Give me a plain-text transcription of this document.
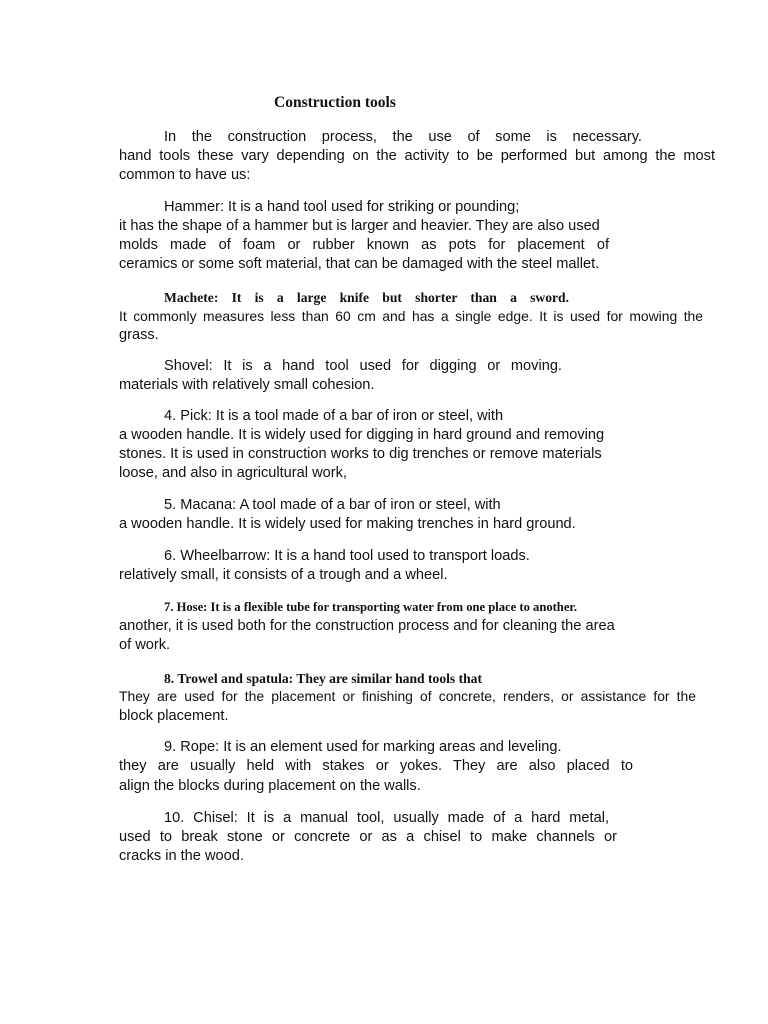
Construction tools
In the construction process, the use of some is necessary.
hand tools these vary depending on the activity to be performed but among the most
common to have us:
Hammer: It is a hand tool used for striking or pounding;
it has the shape of a hammer but is larger and heavier. They are also used
molds made of foam or rubber known as pots for placement of
ceramics or some soft material, that can be damaged with the steel mallet.
Machete: It is a large knife but shorter than a sword.
It commonly measures less than 60 cm and has a single edge. It is used for mowing the
grass.
Shovel: It is a hand tool used for digging or moving.
materials with relatively small cohesion.
4. Pick: It is a tool made of a bar of iron or steel, with
a wooden handle. It is widely used for digging in hard ground and removing
stones. It is used in construction works to dig trenches or remove materials
loose, and also in agricultural work,
5. Macana: A tool made of a bar of iron or steel, with
a wooden handle. It is widely used for making trenches in hard ground.
6. Wheelbarrow: It is a hand tool used to transport loads.
relatively small, it consists of a trough and a wheel.
7. Hose: It is a flexible tube for transporting water from one place to another.
another, it is used both for the construction process and for cleaning the area
of work.
8. Trowel and spatula: They are similar hand tools that
They are used for the placement or finishing of concrete, renders, or assistance for the
block placement.
9. Rope: It is an element used for marking areas and leveling.
they are usually held with stakes or yokes. They are also placed to
align the blocks during placement on the walls.
10. Chisel: It is a manual tool, usually made of a hard metal,
used to break stone or concrete or as a chisel to make channels or
cracks in the wood.
